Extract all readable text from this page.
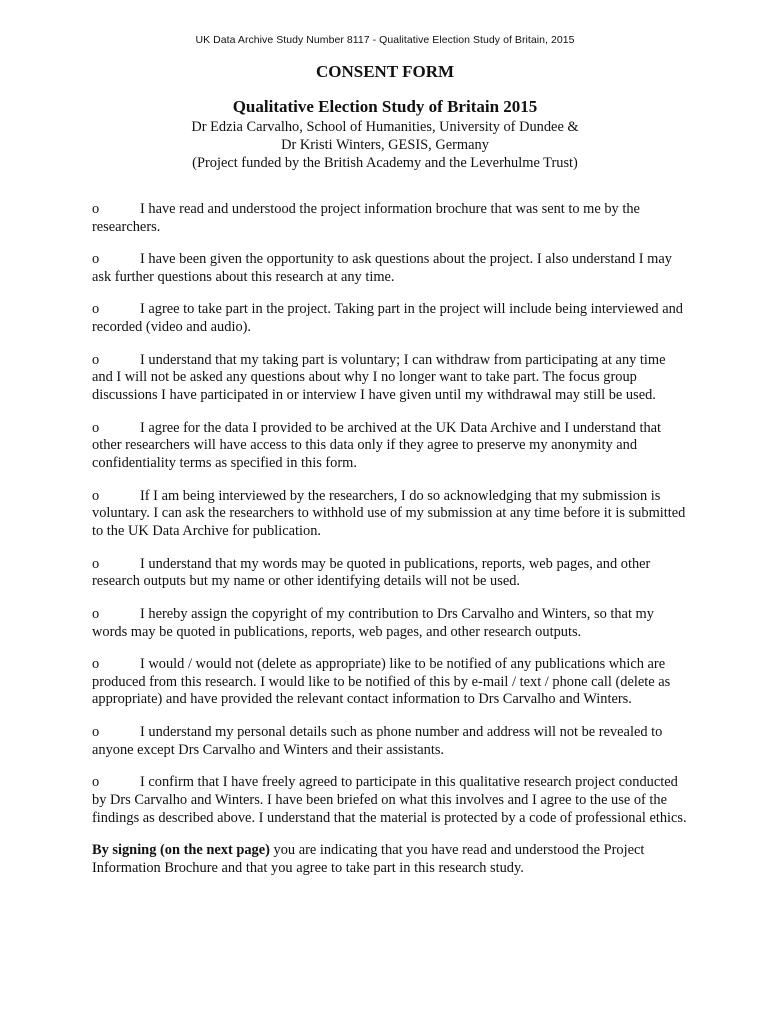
UK Data Archive Study Number 8117 - Qualitative Election Study of Britain, 2015
CONSENT FORM
Qualitative Election Study of Britain 2015
Dr Edzia Carvalho, School of Humanities, University of Dundee &
Dr Kristi Winters, GESIS, Germany
(Project funded by the British Academy and the Leverhulme Trust)

o	I have read and understood the project information brochure that was sent to me by the researchers.

o	I have been given the opportunity to ask questions about the project. I also understand I may ask further questions about this research at any time.

o	I agree to take part in the project. Taking part in the project will include being interviewed and recorded (video and audio).

o	I understand that my taking part is voluntary; I can withdraw from participating at any time and I will not be asked any questions about why I no longer want to take part. The focus group discussions I have participated in or interview I have given until my withdrawal may still be used.

o	I agree for the data I provided to be archived at the UK Data Archive and I understand that other researchers will have access to this data only if they agree to preserve my anonymity and confidentiality terms as specified in this form.

o	If I am being interviewed by the researchers, I do so acknowledging that my submission is voluntary. I can ask the researchers to withhold use of my submission at any time before it is submitted to the UK Data Archive for publication.

o	I understand that my words may be quoted in publications, reports, web pages, and other research outputs but my name or other identifying details will not be used.

o	I hereby assign the copyright of my contribution to Drs Carvalho and Winters, so that my words may be quoted in publications, reports, web pages, and other research outputs.

o	I would / would not (delete as appropriate) like to be notified of any publications which are produced from this research. I would like to be notified of this by e-mail / text / phone call (delete as appropriate) and have provided the relevant contact information to Drs Carvalho and Winters.

o	I understand my personal details such as phone number and address will not be revealed to anyone except Drs Carvalho and Winters and their assistants.

o	I confirm that I have freely agreed to participate in this qualitative research project conducted by Drs Carvalho and Winters. I have been briefed on what this involves and I agree to the use of the findings as described above. I understand that the material is protected by a code of professional ethics.

By signing (on the next page) you are indicating that you have read and understood the Project Information Brochure and that you agree to take part in this research study.
